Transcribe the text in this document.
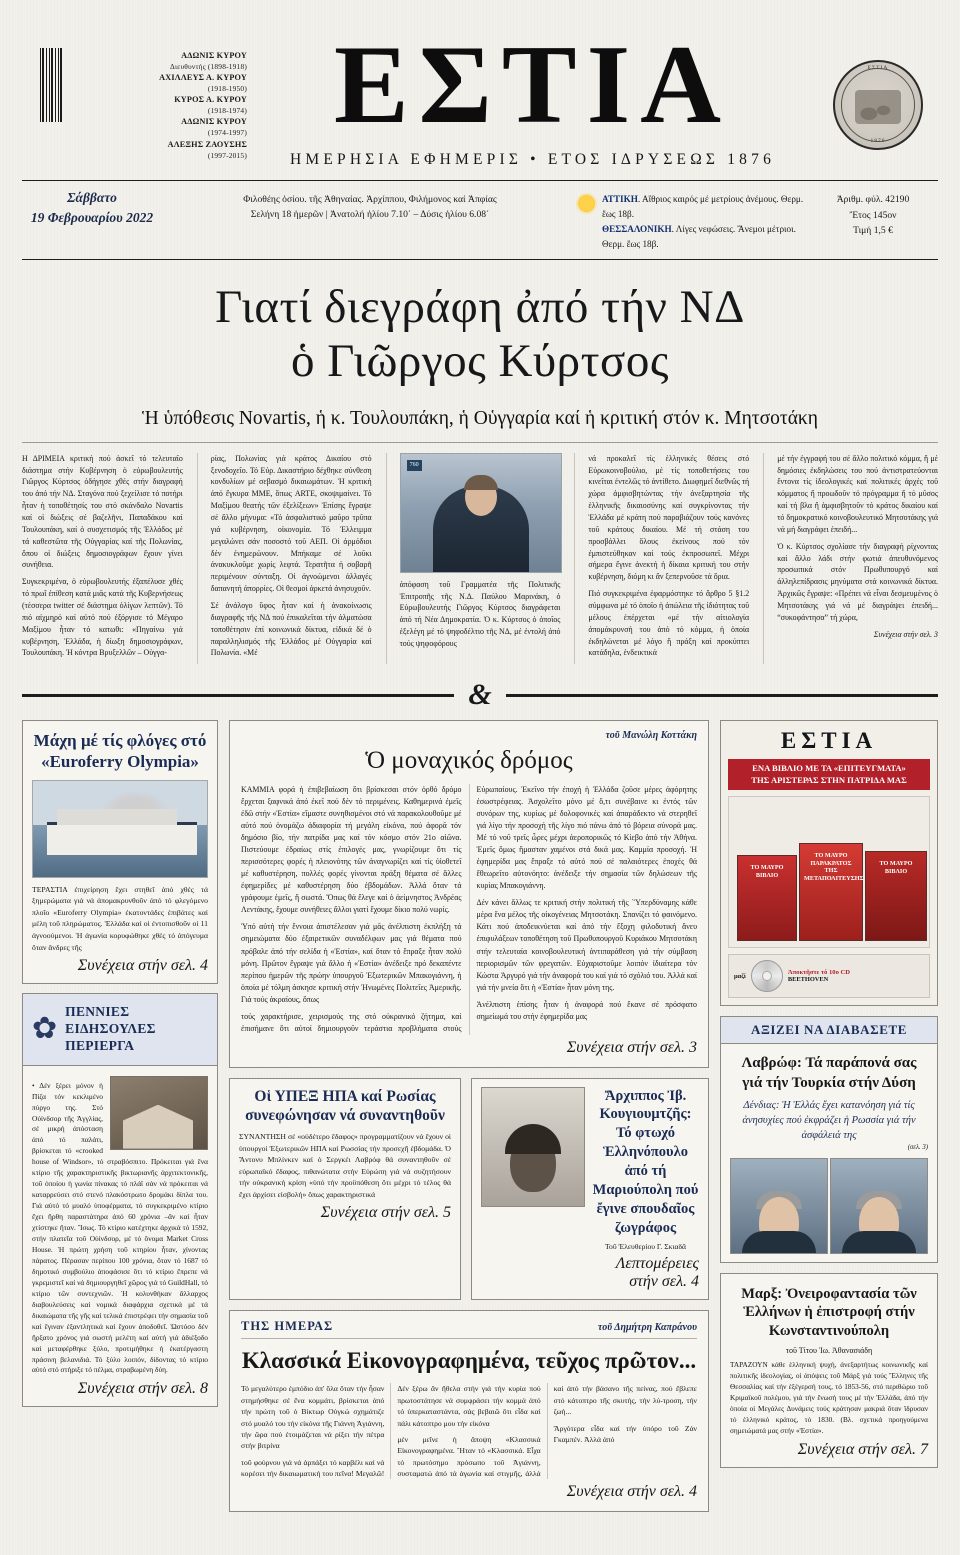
ΑΔΩΝΙΣ ΚΥΡΟΥ
Διευθυντής (1898-1918)
ΑΧΙΛΛΕΥΣ Α. ΚΥΡΟΥ
(1918-1950)
ΚΥΡΟΣ Α. ΚΥΡΟΥ
(1918-1974)
ΑΔΩΝΙΣ ΚΥΡΟΥ
(1974-1997)
ΑΛΕΞΗΣ ΖΑΟΥΣΗΣ
(1997-2015)
ΕΣΤΙΑ
ΗΜΕΡΗΣΙΑ ΕΦΗΜΕΡΙΣ • ΕΤΟΣ ΙΔΡΥΣΕΩΣ 1876
ΕΣΤΙΑ
1876
Σάββατο
19 Φεβρουαρίου 2022
Φιλοθέης ὁσίου. τῆς Ἀθηναίας. Ἀρχίππου, Φιλήμονος καί Ἀπφίας
Σελήνη 18 ἡμερῶν | Ἀνατολή ἡλίου 7.10΄ – Δύσις ἡλίου 6.08΄
ΑΤΤΙΚΗ. Αἴθριος καιρός μέ μετρίους ἀνέμους. Θερμ. ἕως 18β.
ΘΕΣΣΑΛΟΝΙΚΗ. Λίγες νεφώσεις. Ἄνεμοι μέτριοι. Θερμ. ἕως 18β.
Ἀριθμ. φύλ. 42190
Ἔτος 145ον
Τιμή 1,5 €
Γιατί διεγράφη ἀπό τήν ΝΔ
ὁ Γιῶργος Κύρτσος
Ἡ ὑπόθεσις Novartis, ἡ κ. Τουλουπάκη, ἡ Οὑγγαρία καί ἡ κριτική στόν κ. Μητσοτάκη

Η ΔΡΙΜΕΙΑ κριτική πού ἀσκεῖ τό τελευταῖο διάστημα στήν Κυβέρνηση ὁ εὐρωβουλευτής Γιῶργος Κύρτσος ὁδήγησε χθές στήν διαγραφή του ἀπό τήν ΝΔ. Σταγόνα πού ξεχείλισε τό ποτήρι ἦταν ἡ τοποθέτησίς του στό σκάνδαλο Novartis καί οἱ διώξεις σέ βαζελῆνι, Παπαδάκου καί Τουλουπάκη, καί ὁ συσχετισμός τῆς Ἑλλάδος μέ τά καθεστῶτα τῆς Οὑγγαρίας καί τῆς Πολωνίας, ὅπου οἱ διώξεις δημοσιογράφων ἔχουν γίνει συνήθεια.

Συγκεκριμένα, ὁ εὐρωβουλευτής ἐξαπέλυσε χθές τό πρωΐ ἐπίθεση κατά μιᾶς κατά τῆς Κυβερνήσεως (τέσσερα twitter σέ διάστημα ὀλίγων λεπτῶν). Τό πιό αἰχμηρό καί αὐτό πού ἐξόργισε τό Μέγαρο Μαξίμου ἦταν τό κατωθι: «Πηγαίνω γιά κυβέρνηση, Ἑλλάδα, ἡ δίωξη δημοσιογράφων, Τουλουπάκη. Ἡ κόντρα Βρυξελλῶν – Οὑγγα-

ρίας, Πολωνίας γιά κράτος Δικαίου στό ξενοδοχεῖο. Τό Εὐρ. Δικαστήριο δέχθηκε σύνθεση κονδυλίων μέ σεβασμό δικαιωμάτων. Ἡ κριτική ἀπό ἔγκυρα ΜΜΕ, ὅπως ARTE, σκοψιμαίνει. Τό Μαξίμου θεατής τῶν ἐξελίξεων» Ἐπίσης ἔγραψε σέ ἄλλο μήνυμα: «Τό ἀσφαλιστικό μαῦρο τρῦπα γιά κυβέρνηση, οἰκονομία. Τό Ἑλλειμμα μεγαλώνει σάν ποσοστό τοῦ ΑΕΠ. Οἱ ἁρμόδιοι δέν ἐνημερώνουν. Μπήκαμε σέ λοῦκι ἀνακυκλοῦμε χωρίς λεφτά. Τερατῆτα ἡ σοβαρῆ περιμένουν σύνταξη. Οἱ ἀγνοώμενοι ἀλλαγές δαπανητή ἀπορρίες. Οἱ θεσμοί ἀρκετά ἀνησυχοῦν.

Σέ ἀνάλογο ὕφος ἦταν καί ἡ ἀνακοίνωσις διαγραφῆς τῆς ΝΔ πού ἐπικαλεῖται τήν ἀλματώσα τοποθέτησιν ἐπί κοινωνικά δίκτυα, εἰδικά δέ ὁ παραλληλισμός τῆς Ἑλλάδος μέ Οὑγγαρία καί Πολωνία. «Μέ

760

ἀπόφαση τοῦ Γραμματέα τῆς Πολιτικῆς Ἐπιτροπῆς τῆς Ν.Δ. Παύλου Μαρινάκη, ὁ Εὐρωβουλευτής Γιῶργος Κύρτσος διαγράφεται ἀπό τή Νέα Δημοκρατία. Ὁ κ. Κύρτσος ὁ ὁποῖος ἐξελέγη μέ τό ψηφοδέλτιο τῆς ΝΔ, μέ ἐντολή ἀπό τούς ψηφοφόρους

νά προκαλεῖ τίς ἑλληνικές θέσεις στό Εὐρωκοινοβούλιο, μέ τίς τοποθετήσεις του κινεῖται ἐντελῶς τό ἀντίθετο. Διωφημεῖ διεθνῶς τή χώρα ἀμφισβητώντας τήν ἀνεξαρτησία τῆς ἑλληνικῆς δικαιοσύνης καί συγκρίνοντας τήν Ἑλλάδα μέ κράτη πού παραβιάζουν τούς κανόνες τοῦ κράτους δικαίου. Μέ τή στάση του προσβάλλει ὅλους ἐκείνους πού τόν ἐμπιστεύθηκαν καί τούς ἐκπροσωπεῖ. Μέχρι σήμερα ἔγινε ἀνεκτή ἡ δίκαια κριτική του στήν κυβέρνηση, διόμη κι ἄν ξεπερνοῦσε τά ὅρια.

Πιό συγκεκριμένα ἐφαρμόστηκε τό ἄρθρο 5 §1.2 σύμφωνα μέ τό ὁποῖο ἡ ἀπώλεια τῆς ἰδιότητας τοῦ μέλους ἐπέρχεται «μέ τήν αἰτιολογία ἀπομάκρυνσή του ἀπό τό κόμμα, ἡ ὁποία ἐκδηλώνεται μέ λόγο ἤ πράξη καί προκύπτει κατάδηλα, ἐνδεικτικά

μέ τήν ἐγγραφή του σέ ἄλλο πολιτικό κόμμα, ἤ μέ δημόσιες ἐκδηλώσεις του πού ἀντιστρατεύονται ἔντονα τίς ἰδεολογικές καί πολιτικές ἀρχές τοῦ κόμματος ἤ προωδοῦν τό πρόγραμμα ἤ τό μῦσος καί τή βλα ἤ ἀμφισβητοῦν τό κράτος δικαίου καί τό δημοκρατικό κοινοβουλευτικό Μητσοτάκης γιά νά μή διαγράφει ἐπειδή...

Ὁ κ. Κύρτσος σχολίασε τήν διαγραφή ρίχνοντας καί ἄλλο λάδι στήν φωτιά ἀπευθυνόμενος προσωπικά στόν Πρωθυπουργό καί ἀλληλεπίδρασις μηνύματα στά κοινωνικά δίκτυα. Ἀρχικῶς ἔγραψε: «Πρέπει νά εἶναι δεσμευμένος ὁ Μητσοτάκης γιά νά μέ διαγράψει ἐπειδή... “συκοφάντησα” τή χώρα,

Συνέχεια στήν σελ. 3
&
Μάχη μέ τίς φλόγες στό «Euroferry Olympia»
ΤΕΡΑΣΤΙΑ ἐπιχείρηση ἔχει στηθεῖ ἀπό χθές τά ξημερώματα γιά νά ἀπομακρυνθοῦν ἀπό τό φλεγόμενο πλοῖο «Euroferry Olympia» ἐκατοντάδες ἐπιβάτες καί μέλη τοῦ πληρώματος. Ἑλλάδα καί οἱ ἐντοπισθοῦν οἱ 11 ἀγνοούμενοι. Ἡ ἀγωνία κορυφώθηκε χθές τό ἀπόγευμα ὅταν ἄνδρες τῆς
Συνέχεια στήν σελ. 4
✿
ΠΕΝΝΙΕΣ
ΕΙΔΗΣΟΥΛΕΣ
ΠΕΡΙΕΡΓΑ
• Δέν ξέρει μόνον ἡ Πίζα τόν κεκλιμένο πύργο της. Στό Οὐίνδσορ τῆς Ἀγγλίας, σέ μικρή ἀπόσταση ἀπό τό παλάτι, βρίσκεται τό «crooked house of Windsor», τό στραβόσπιτο. Πρόκειται γιά ἕνα κτίριο τῆς χαρακτηριστικῆς βικτωριανῆς ἀρχιτεκτονικῆς, τοῦ ὁποίου ἡ γωνία πίνακας τό πλάϊ σάν νά πρόκειται νά καταρρεύσει στό στενό πλακόστρωτο δρομάκι δίπλα του. Γιά αὐτό τό μυαλό ὑποφέρματα, τό συγκεκριμένο κτίριο ἔχει ἤρθη παραστάτηρα ἀπό 60 χρόνια –ἄν καί ἦταν χτίστηκε ἤταν. Ἴσως. Τό κτίριο κατέχτηκε ἀρχικά τό 1592, στήν πλατεῖα τοῦ Οὐίνδσορ, μέ τό ὄνομα Market Cross House. Ἡ πρώτη χρήση τοῦ κτηρίου ἦταν, χίνοντας πάρατος. Πέρασαν περίπου 100 χρόνια, ὅταν τό 1687 τό δημοτικό συμβούλιο ἀποφάσισε ὅτι τό κτίριο ἔπρεπε νά γκρεμιστεῖ καί νά δημιουργηθεῖ χῶρος γιά τό GuildHall, τό κτίριο τῶν συντεχνιῶν. Ἡ κολυνθήκαν ἄλλαρχος διαβουλεύσεις καί νομικά διαφάρχια σχετικά μέ τά δικαιώματα τῆς γῆς καί τελικά ἐπιστρέφει τήν σημασία τοῦ καί ἔγιναν ἐξαντλητικά καί ἔχουν ἀποδοθεῖ. Ὡστόσο δέν ἤρξατο χρόνος γιά σωστή μελέτη καί αὐτή γιά ἀδιέξοδο καί μεταφέρθηκε ξύλο, προτιμήθηκε ἡ ἐκατέργαστη πράσινη βελανιδιά. Τό ξύλο λοιπόν, δίδοντας τό κτίριο αὐτό στό στήριξε τό πέλμα, στραβωμένη δύη.
Συνέχεια στήν σελ. 8
τοῦ Μανώλη Κοττάκη
Ὁ μοναχικός δρόμος

ΚΑΜΜΙΑ φορά ἡ ἐπιβεβαίωση ὅτι βρίσκεσαι στόν ὀρθό δρόμο ἔρχεται ξαφνικά ἀπό ἐκεῖ πού δέν τό περιμένεις. Καθημερινά ἐμεῖς ἐδῶ στήν «Ἑστία» εἴμαστε συνηθισμένοι στό νά παρακολουθοῦμε μέ αὐτό πού ὀνομάζω ἀδιαφορία τή μεγάλη εἰκόνα, πού ἀφορᾶ τόν δημόσιο βίο, τήν πατρίδα μας καί τόν κόσμο στόν 21ο αἰῶνα. Πιστεύουμε ἐδραίως στίς ἐπιλογές μας, γνωρίζουμε ὅτι τίς περισσότερες φορές ἡ πλειονότης τῶν ἀναγνωρίζει καί τίς ὑἱοθετεῖ μέ καθυστέρηση, πολλές φορές γίνονται πράξη θέματα σέ ἄλλες ἐφημερίδες μέ καθυστέρηση δύο ἐβδομάδων. Ἀλλά ὅταν τά γράφουμε ἐμεῖς, ἤ σωστά. Ὅπως θά ἔλεγε καί ὁ ἀείμνηστος Ἀνδρέας Λεντάκης, ἔχουμε συνήθειες ἄλλοι γιατί ἔχουμε δίκιο πολύ νωρίς.

Ὑπό αὐτή τήν ἔννοια ἀπιστέλεσαν γιά μᾶς ἀνέλπιστη ἐκπλήξη τά σημειώματα δύο ἐξαιρετικῶν συναδέλφων μας γιά θέματα πού πρόβαλε ἀπό τήν σελίδα ἡ «Ἑστία», καί ὅταν τό ἔπραξε ἦταν πολύ μόνη. Πρῶτον ἔγραψε γιά ἄλλο ἡ «Ἑστία» ἀνέδειξε πρό δεκαπέντε περίπου ἡμερῶν τῆς πρώην ὑπουργοῦ Ἐξωτερικῶν Μπακογιάννη, ἡ ὁποία μέ τόλμη ἀσκησε κριτική στήν Ἡνωμένες Πολιτεῖες Ἀμερικῆς. Γιά τούς ἀκραίους, ὅπως

τούς χαρακτήρισε, χειρισμούς της στό οὐκρανικό ζήτημα, καί ἐπισήμανε ὅτι αὐτοί δημιουργοῦν τεράστια προβλήματα στούς Εὐρωπαίους. Ἐκεῖνο τήν ἐποχή ἡ Ἑλλάδα ζοῦσε μέρες ἀφόρητης ἐσωστρέφειας. Ἀσχολεῖτο μόνο μέ ὅ,τι συνέβαινε κι ἐντός τῶν συνόρων της, κυρίως μέ δολοφονικές καί ἀπαράδεκτο νά στερηθεῖ γιά λίγο τήν προσοχή τῆς λίγο πιό πάνω ἀπό τό βόρεια σύνορά μας. Μέ τό νοῦ τρεῖς ὧρες μέχρι ἀεροπορικῶς τό Κίεβο ἀπό τήν Ἀθήνα. Ἐμεῖς ὅμως ἤμασταν χαμένοι στά δικά μας. Καμμία προσοχή. Ἡ ἐφημερίδα μας ἔπραξε τό αὐτό πού σέ παλαιότερες ἐποχές θά ἔθεωρεῖτο αὐτονόητο: ἀνέδειξε τήν σημασία τῶν δηλώσεων τῆς κυρίας Μπακογιάννη.

Δέν κάνει ἄλλως τε κριτική στήν πολιτική τῆς `Ὑπερδύναμης κάθε μέρα ἕνα μέλος τῆς οἰκογένειας Μητσοτάκη. Σπανίζει τό φαινόμενο. Κάτι πού ἀποδεικνύεται καί ἀπό τήν ἔξοχη φιλοδυτική ἄνευ ἐπιφυλάξεων τοποθέτηση τοῦ Πρωθυπουργοῦ Κυριάκου Μητσοτάκη στήν τελευταία κοινοβουλευτική ἀντιπαράθεση γιά τήν σύμβαση περιορισμῶν τῶν φρεγατῶν. Εὐχαριστοῦμε λοιπόν ἰδιαίτερα τόν Κώστα Ἀργυρό γιά τήν ἀναφορά του καί γιά τό σχόλιό του. Ἀλλά καί γιά τήν μνεία ὅτι ἡ «Ἑστία» ἦταν μόνη της.

Ἀνέλπιστη ἐπίσης ἦταν ἡ ἀναφορά πού ἔκανε σέ πρόσφατο σημείωμά του στήν ἐφημερίδα μας

Συνέχεια στήν σελ. 3
Οἱ ΥΠΕΞ ΗΠΑ καί Ρωσίας συνεφώνησαν νά συναντηθοῦν
ΣΥΝΑΝΤΗΣΗ σέ «ούδέτερο ἔδαφος» προγραμματίζουν νά ἔχουν οἱ ὑπουργοί Ἐξωτερικῶν ΗΠΑ καί Ρωσσίας τήν προσεχῆ ἑβδομάδα. Ὁ Ἄντονυ Μπλίνκεν καί ὁ Σεργκέι Λαβρόφ θά συναντηθοῦν σέ εὐρωπαϊκό ἔδαφος, πιθανώτατα στήν Εὐρώπη γιά νά συζητήσουν τήν οὐκρανική κρίση «ὑπό τήν προϋπόθεση ὅτι μέχρι τό τέλος θά ἔχει ἀρχίσει εἰσβολή» ὅπως χαρακτηριστικά
Συνέχεια στήν σελ. 5
Ἄρχιππος Ἰβ. Κουγιουμτζῆς: Τό φτωχό Ἑλληνόπουλο ἀπό τή Μαριούπολη πού ἔγινε σπουδαῖος ζωγράφος
Τοῦ Ἐλευθερίου Γ. Σκιαδᾶ
Λεπτομέρειες στήν σελ. 4
ΤΗΣ ΗΜΕΡΑΣ	τοῦ Δημήτρη Καπράνου
Κλασσικά Εἰκονογραφημένα, τεῦχος πρῶτον...

Τό μεγαλύτερο ἐμπόδιο ἀπ' ὅλα ὅταν τήν ἦσαν στημήσθηκε σέ ἕνα κομμάτι, βρίσκεται ἀπό τήν πρώτη τοῦ ὁ Βίκτωρ Οὐγκώ σχημάτιζε στό μυαλό του τήν εἰκόνα τῆς Γιάννη Ἀγιάννη, τήν ὥρα πού ἑτοιμάζεται νά ρίξει τήν πέτρα στήν βιτρίνα

τοῦ φούρνου γιά νά ἁρπάξει τό καρβέλι καί νά κορέσει τήν δικαιωματική του πεῖνα! Μεγαλῶ! Δέν ξέρω ἄν ἤθελα στήν γιά τήν κυρία πού πρωτοστάτησε νά συμφράσει τήν κομμά ἀπό τό ὑπερκαταστάντα, σάς βεβαιῶ ὅτι εἶδα καί πάλι κάτοπτρο μου τήν εἰκόνα

μέν μεῖνε ἡ ἄποψη «Κλασσικά Εἰκονογραφημένα. Ἤταν τό «Κλασσικά. Εἶχα τό πρωτόσημο πρόσωπο τοῦ Ἀγιάννη, συσταματώ ἀπό τά ἀγωνία καί στιγμῆς, ἀλλά καί ἀπό τήν βάσανο τῆς πείνας, πού ἔβλεπε στό κάτοπτρο τῆς σκυτής, τήν λύ-τροση, τήν ζωή...

Ἄργότερα εἶδα καί τήν ὑπόρο τοῦ Ζάν Γκαμπέν. Ἀλλά ἀπό

Συνέχεια στήν σελ. 4
ΕΣΤΙΑ
ΕΝΑ ΒΙΒΛΙΟ ΜΕ ΤΑ «ΕΠΙΤΕΥΓΜΑΤΑ»
ΤΗΣ ΑΡΙΣΤΕΡΑΣ ΣΤΗΝ ΠΑΤΡΙΔΑ ΜΑΣ
ΤΟ ΜΑΥΡΟ ΒΙΒΛΙΟ
ΤΟ ΜΑΥΡΟ ΠΑΡΑΚΡΑΤΟΣ ΤΗΣ ΜΕΤΑΠΟΛΙΤΕΥΣΗΣ
ΤΟ ΜΑΥΡΟ ΒΙΒΛΙΟ
μαζί	Ἀποκτῆστε τό 10ο CD
BEETHOVEN
ΑΞΙΖΕΙ ΝΑ ΔΙΑΒΑΣΕΤΕ
Λαβρώφ: Τά παράπονά σας γιά τήν Τουρκία στήν Δύση
Δένδιας: Ἡ Ἑλλάς ἔχει κατανόηση γιά τίς ἀνησυχίες πού ἐκφράζει ἡ Ρωσσία γιά τήν ἀσφάλειά της
(σελ. 3)
Μαρξ: Ὀνειροφαντασία τῶν Ἑλλήνων ἡ ἐπιστροφή στήν Κωνσταντινούπολη
τοῦ Τίτου Ἰω. Ἀθανασιάδη
ΤΑΡΑΖΟΥΝ κάθε ἑλληνική ψυχή, ἀνεξαρτήτως κοινωνικῆς καί πολιτικῆς ἰδεολογίας, οἱ ἀπόψεις τοῦ Μάρξ γιά τούς Ἕλληνες τῆς Θεσσαλίας καί τήν ἐξέγερσή τους, τό 1853-56, στό περιθώριο τοῦ Κριμαϊκοῦ πολέμου, γιά τήν ἕνωσή τους μέ τήν Ἑλλάδα, ἀπό τήν ὁποία οἱ Μεγάλες Δυνάμεις τούς κράτησαν μακριά ὅταν ἵδρυσαν τό ἑλληνικό κράτος, τό 1830. (Βλ. σχετικά προηγούμενα σημειώματά μας στήν «Ἑστία».
Συνέχεια στήν σελ. 7
